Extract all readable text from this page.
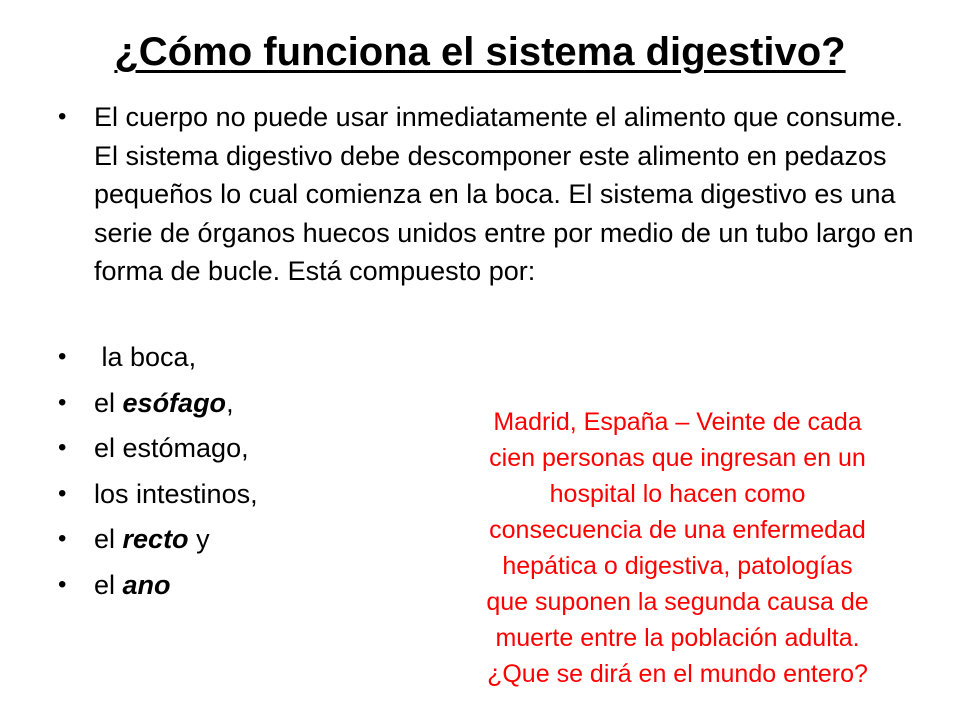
¿Cómo funciona el sistema digestivo?
•	El cuerpo no puede usar inmediatamente el alimento que consume. El sistema digestivo debe descomponer este alimento en pedazos pequeños lo cual comienza en la boca. El sistema digestivo es una serie de órganos huecos unidos entre por medio de un tubo largo en forma de bucle. Está compuesto por:
•	la boca,
•	el esófago,
•	el estómago,
•	los intestinos,
•	el recto y
•	el ano
Madrid, España – Veinte de cada
cien personas que ingresan en un
hospital lo hacen como
consecuencia de una enfermedad
hepática o digestiva, patologías
que suponen la segunda causa de
muerte entre la población adulta.
¿Que se dirá en el mundo entero?
